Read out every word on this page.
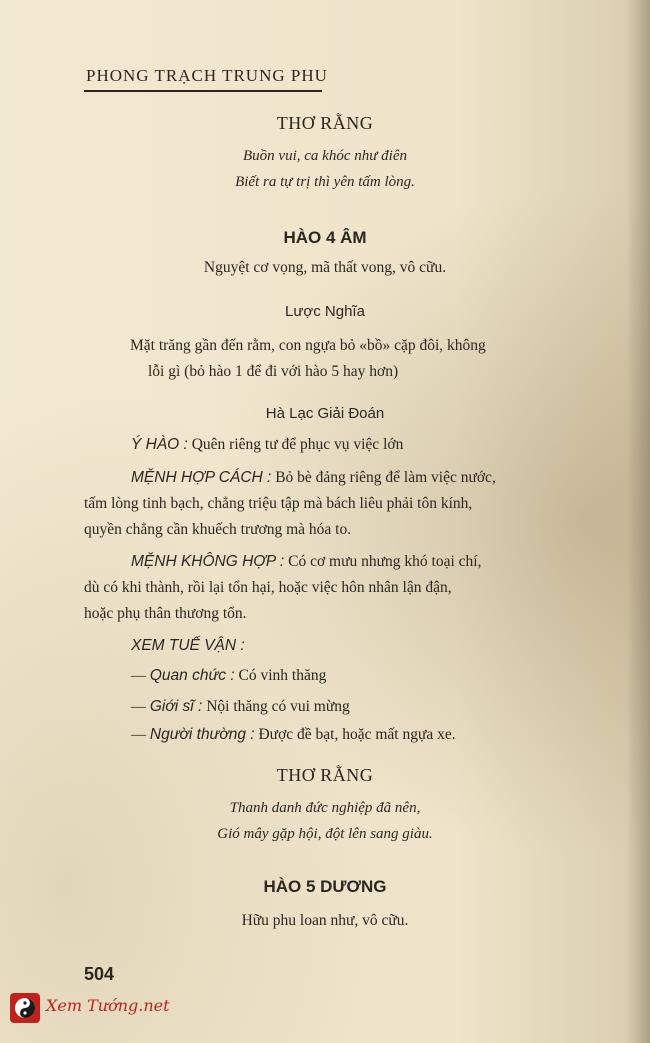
PHONG TRẠCH TRUNG PHU
THƠ RẰNG
Buồn vui, ca khóc như điên
Biết ra tự trị thì yên tấm lòng.
HÀO 4 ÂM
Nguyệt cơ vọng, mã thất vong, vô cữu.
Lược Nghĩa
Mặt trăng gần đến rằm, con ngựa bỏ «bồ» cặp đôi, không
lỗi gì (bỏ hào 1 để đi với hào 5 hay hơn)
Hà Lạc Giải Đoán
Ý HÀO : Quên riêng tư để phục vụ việc lớn
MỆNH HỢP CÁCH : Bỏ bè đảng riêng để làm việc nước,
tấm lòng tinh bạch, chẳng triệu tập mà bách liêu phải tôn kính,
quyền chẳng cần khuếch trương mà hóa to.
MỆNH KHÔNG HỢP : Có cơ mưu nhưng khó toại chí,
dù có khi thành, rồi lại tổn hại, hoặc việc hôn nhân lận đận,
hoặc phụ thân thương tổn.
XEM TUẾ VẬN :
— Quan chức : Có vinh thăng
— Giới sĩ : Nội thăng có vui mừng
— Người thường : Được đề bạt, hoặc mất ngựa xe.
THƠ RẰNG
Thanh danh đức nghiệp đã nên,
Gió mây gặp hội, đột lên sang giàu.
HÀO 5 DƯƠNG
Hữu phu loan như, vô cữu.
504
Xem Tướng.net
